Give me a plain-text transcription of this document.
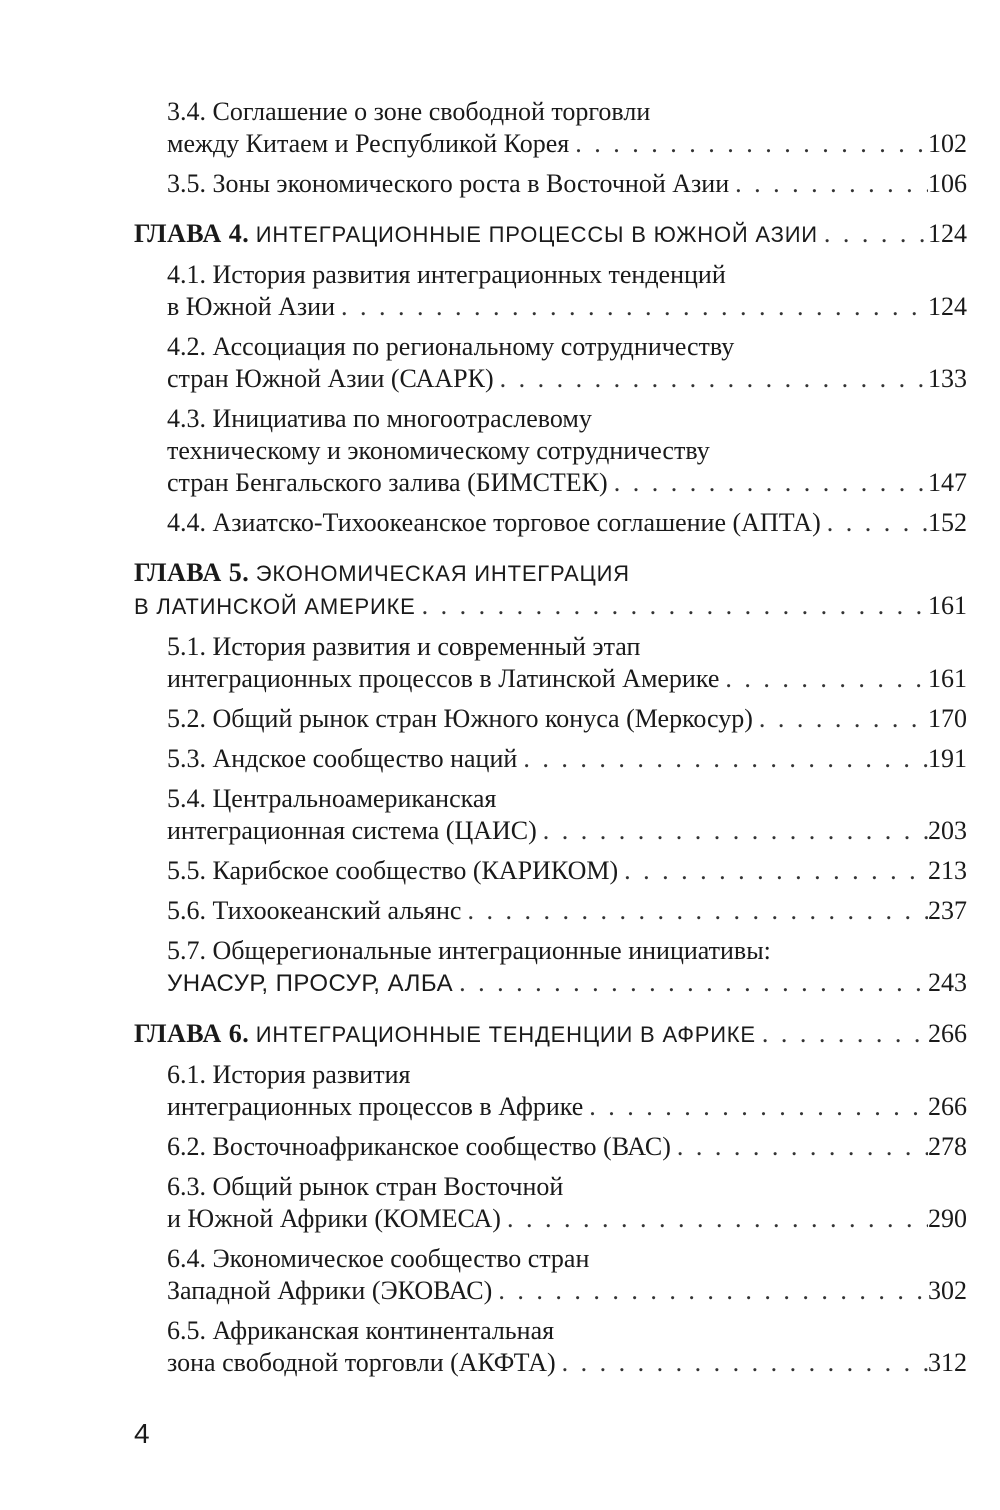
3.4. Соглашение о зоне свободной торговли
между Китаем и Республикой Корея . . .	102
3.5. Зоны экономического роста в Восточной Азии . . .	106
ГЛАВА 4. ИНТЕГРАЦИОННЫЕ ПРОЦЕССЫ В ЮЖНОЙ АЗИИ . . .	124
4.1. История развития интеграционных тенденций
в Южной Азии . . .	124
4.2. Ассоциация по региональному сотрудничеству
стран Южной Азии (СААРК) . . .	133
4.3. Инициатива по многоотраслевому
техническому и экономическому сотрудничеству
стран Бенгальского залива (БИМСТЕК) . . .	147
4.4. Азиатско-Тихоокеанское торговое соглашение (АПТА) . . .	152
ГЛАВА 5. ЭКОНОМИЧЕСКАЯ ИНТЕГРАЦИЯ
В ЛАТИНСКОЙ АМЕРИКЕ . . .	161
5.1. История развития и современный этап
интеграционных процессов в Латинской Америке . . .	161
5.2. Общий рынок стран Южного конуса (Меркосур) . . .	170
5.3. Андское сообщество наций . . .	191
5.4. Центральноамериканская
интеграционная система (ЦАИС) . . .	203
5.5. Карибское сообщество (КАРИКОМ) . . .	213
5.6. Тихоокеанский альянс . . .	237
5.7. Общерегиональные интеграционные инициативы:
УНАСУР, ПРОСУР, АЛБА . . .	243
ГЛАВА 6. ИНТЕГРАЦИОННЫЕ ТЕНДЕНЦИИ В АФРИКЕ . . .	266
6.1. История развития
интеграционных процессов в Африке . . .	266
6.2. Восточноафриканское сообщество (ВАС) . . .	278
6.3. Общий рынок стран Восточной
и Южной Африки (КОМЕСА) . . .	290
6.4. Экономическое сообщество стран
Западной Африки (ЭКОВАС) . . .	302
6.5. Африканская континентальная
зона свободной торговли (АКФТА) . . .	312
4
